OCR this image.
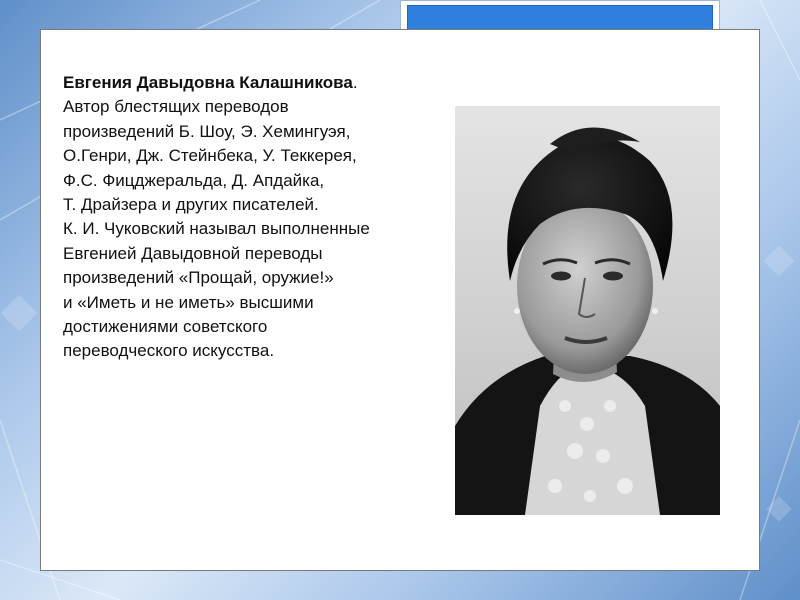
Евгения Давыдовна Калашникова.
Автор блестящих переводов
произведений Б. Шоу, Э. Хемингуэя,
О.Генри, Дж. Стейнбека, У. Теккерея,
Ф.С. Фицджеральда, Д. Апдайка,
Т. Драйзера и других писателей.
К. И. Чуковский называл выполненные
Евгенией Давыдовной переводы
произведений «Прощай, оружие!»
и «Иметь и не иметь» высшими
достижениями советского
переводческого искусства.
